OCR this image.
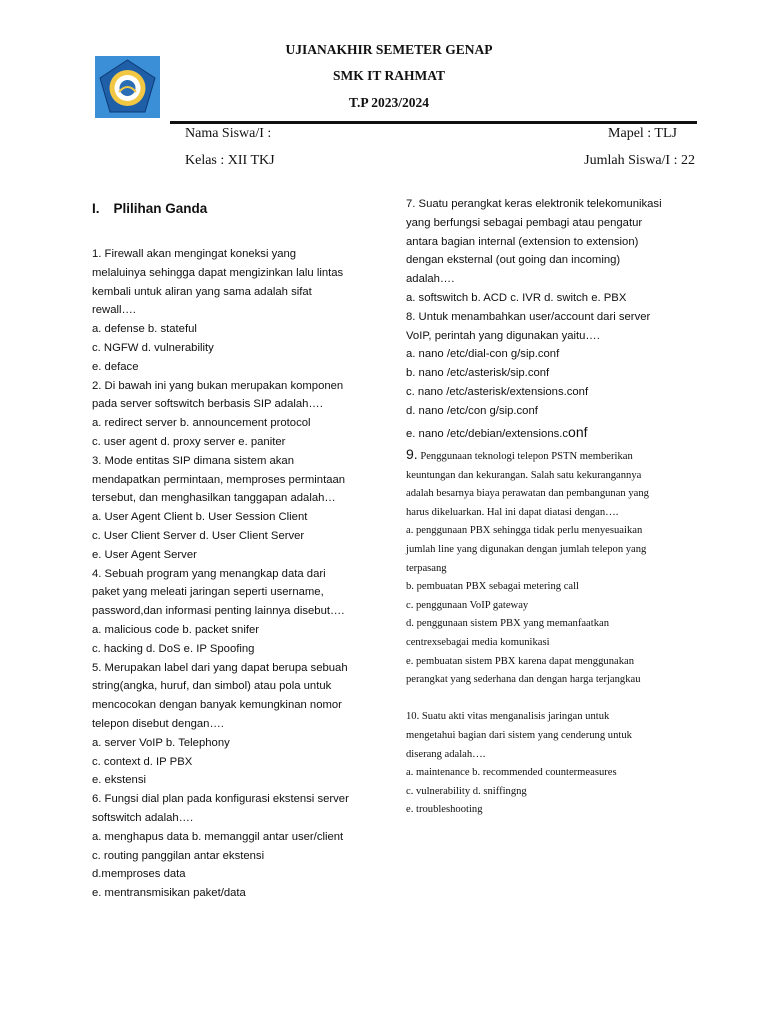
UJIANAKHIR SEMETER GENAP
SMK IT RAHMAT
T.P 2023/2024
Nama Siswa/I :	Mapel : TLJ
Kelas : XII TKJ	Jumlah Siswa/I : 22
I. Plilihan Ganda
1. Firewall akan mengingat koneksi yang
melaluinya sehingga dapat mengizinkan lalu lintas
kembali untuk aliran yang sama adalah sifat
rewall….
a. defense b. stateful
c. NGFW d. vulnerability
e. deface
2. Di bawah ini yang bukan merupakan komponen
pada server softswitch berbasis SIP adalah….
a. redirect server b. announcement protocol
c. user agent d. proxy server e. paniter
3. Mode entitas SIP dimana sistem akan
mendapatkan permintaan, memproses permintaan
tersebut, dan menghasilkan tanggapan adalah…
a. User Agent Client b. User Session Client
c. User Client Server d. User Client Server
e. User Agent Server
4. Sebuah program yang menangkap data dari
paket yang meleati jaringan seperti username,
password,dan informasi penting lainnya disebut….
a. malicious code b. packet snifer
c. hacking d. DoS e. IP Spoofing
5. Merupakan label dari yang dapat berupa sebuah
string(angka, huruf, dan simbol) atau pola untuk
mencocokan dengan banyak kemungkinan nomor
telepon disebut dengan….
a. server VoIP b. Telephony
c. context d. IP PBX
e. ekstensi
6. Fungsi dial plan pada konfigurasi ekstensi server
softswitch adalah….
a. menghapus data b. memanggil antar user/client
c. routing panggilan antar ekstensi
d.memproses data
e. mentransmisikan paket/data
7. Suatu perangkat keras elektronik telekomunikasi
yang berfungsi sebagai pembagi atau pengatur
antara bagian internal (extension to extension)
dengan eksternal (out going dan incoming)
adalah….
a. softswitch b. ACD c. IVR d. switch e. PBX
8. Untuk menambahkan user/account dari server
VoIP, perintah yang digunakan yaitu….
a. nano /etc/dial-con g/sip.conf
b. nano /etc/asterisk/sip.conf
c. nano /etc/asterisk/extensions.conf
d. nano /etc/con g/sip.conf
e. nano /etc/debian/extensions.conf
9. Penggunaan teknologi telepon PSTN memberikan
keuntungan dan kekurangan. Salah satu kekurangannya
adalah besarnya biaya perawatan dan pembangunan yang
harus dikeluarkan. Hal ini dapat diatasi dengan….
a. penggunaan PBX sehingga tidak perlu menyesuaikan
jumlah line yang digunakan dengan jumlah telepon yang
terpasang
b. pembuatan PBX sebagai metering call
c. penggunaan VoIP gateway
d. penggunaan sistem PBX yang memanfaatkan
centrexsebagai media komunikasi
e. pembuatan sistem PBX karena dapat menggunakan
perangkat yang sederhana dan dengan harga terjangkau
10. Suatu akti vitas menganalisis jaringan untuk
mengetahui bagian dari sistem yang cenderung untuk
diserang adalah….
a. maintenance b. recommended countermeasures
c. vulnerability d. sniffingng
e. troubleshooting
